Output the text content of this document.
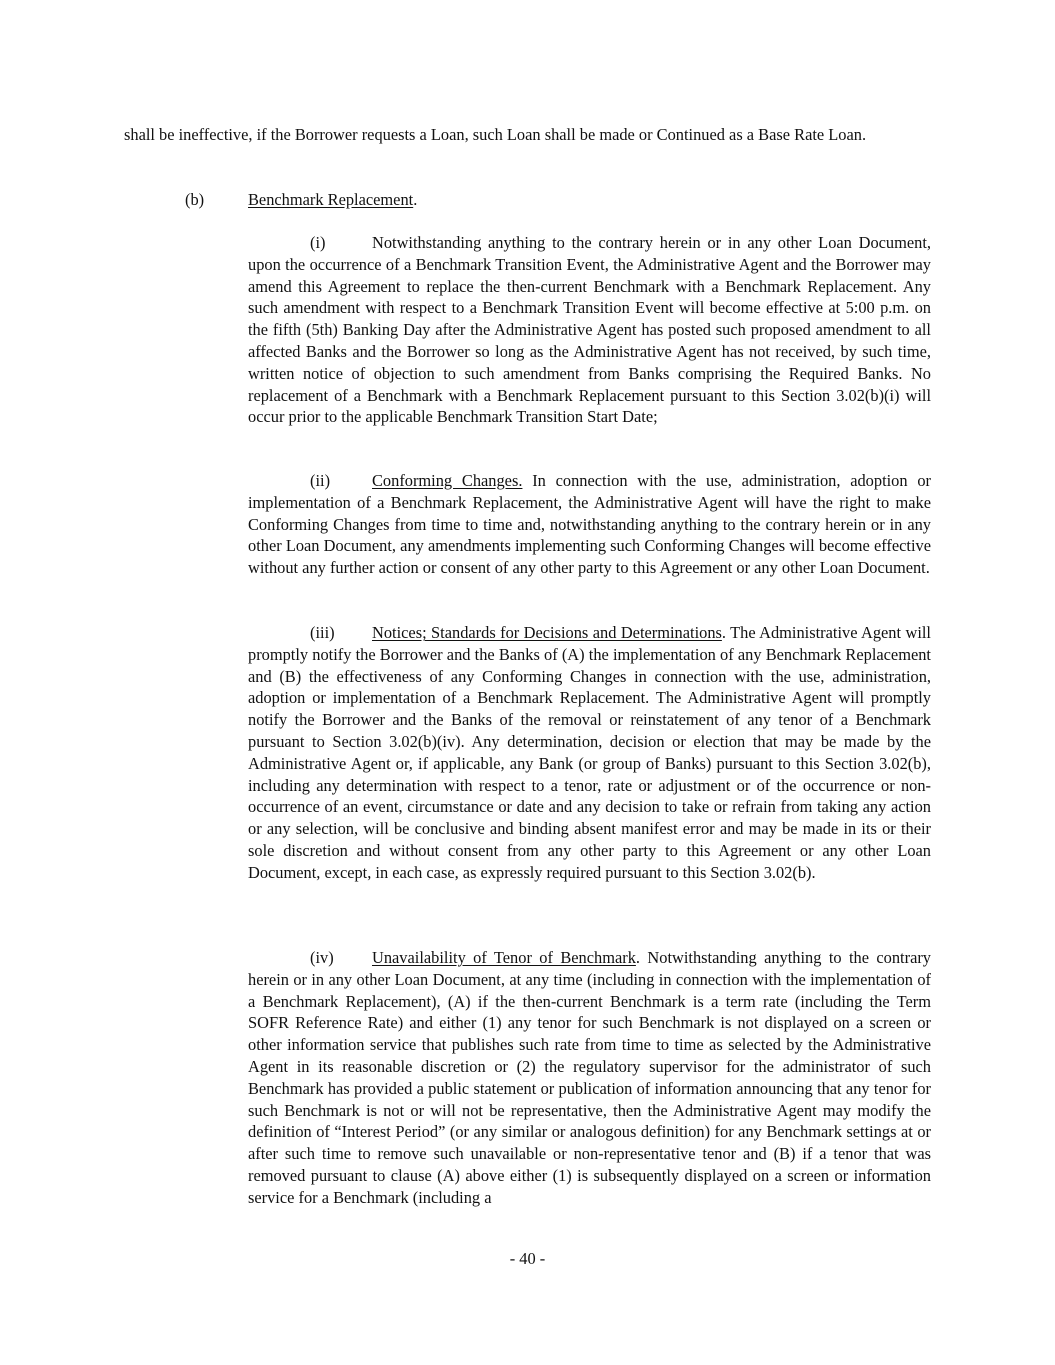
shall be ineffective, if the Borrower requests a Loan, such Loan shall be made or Continued as a Base Rate Loan.

(b)	Benchmark Replacement.

(i)	Notwithstanding anything to the contrary herein or in any other Loan Document, upon the occurrence of a Benchmark Transition Event, the Administrative Agent and the Borrower may amend this Agreement to replace the then-current Benchmark with a Benchmark Replacement. Any such amendment with respect to a Benchmark Transition Event will become effective at 5:00 p.m. on the fifth (5th) Banking Day after the Administrative Agent has posted such proposed amendment to all affected Banks and the Borrower so long as the Administrative Agent has not received, by such time, written notice of objection to such amendment from Banks comprising the Required Banks. No replacement of a Benchmark with a Benchmark Replacement pursuant to this Section 3.02(b)(i) will occur prior to the applicable Benchmark Transition Start Date;

(ii)	Conforming Changes. In connection with the use, administration, adoption or implementation of a Benchmark Replacement, the Administrative Agent will have the right to make Conforming Changes from time to time and, notwithstanding anything to the contrary herein or in any other Loan Document, any amendments implementing such Conforming Changes will become effective without any further action or consent of any other party to this Agreement or any other Loan Document.

(iii) Notices; Standards for Decisions and Determinations. The Administrative Agent will promptly notify the Borrower and the Banks of (A) the implementation of any Benchmark Replacement and (B) the effectiveness of any Conforming Changes in connection with the use, administration, adoption or implementation of a Benchmark Replacement. The Administrative Agent will promptly notify the Borrower and the Banks of the removal or reinstatement of any tenor of a Benchmark pursuant to Section 3.02(b)(iv). Any determination, decision or election that may be made by the Administrative Agent or, if applicable, any Bank (or group of Banks) pursuant to this Section 3.02(b), including any determination with respect to a tenor, rate or adjustment or of the occurrence or non-occurrence of an event, circumstance or date and any decision to take or refrain from taking any action or any selection, will be conclusive and binding absent manifest error and may be made in its or their sole discretion and without consent from any other party to this Agreement or any other Loan Document, except, in each case, as expressly required pursuant to this Section 3.02(b).

(iv) Unavailability of Tenor of Benchmark. Notwithstanding anything to the contrary herein or in any other Loan Document, at any time (including in connection with the implementation of a Benchmark Replacement), (A) if the then-current Benchmark is a term rate (including the Term SOFR Reference Rate) and either (1) any tenor for such Benchmark is not displayed on a screen or other information service that publishes such rate from time to time as selected by the Administrative Agent in its reasonable discretion or (2) the regulatory supervisor for the administrator of such Benchmark has provided a public statement or publication of information announcing that any tenor for such Benchmark is not or will not be representative, then the Administrative Agent may modify the definition of “Interest Period” (or any similar or analogous definition) for any Benchmark settings at or after such time to remove such unavailable or non-representative tenor and (B) if a tenor that was removed pursuant to clause (A) above either (1) is subsequently displayed on a screen or information service for a Benchmark (including a

- 40 -
